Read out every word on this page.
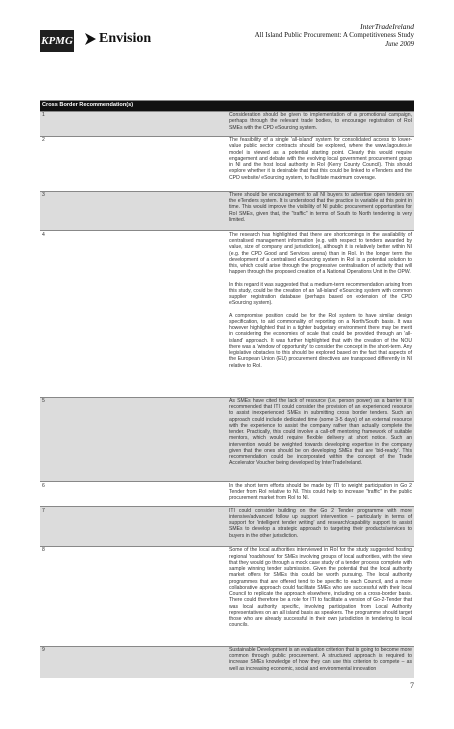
KPMG Envision
InterTradeIreland
All Island Public Procurement: A Competitiveness Study
June 2009
Cross Border Recommendation(s)	
1	Consideration should be given to implementation of a promotional campaign, perhaps through the relevant trade bodies, to encourage registration of RoI SMEs with the CPD eSourcing system.

2	The feasibility of a single 'all-island' system for consolidated access to lower-value public sector contracts should be explored, where the www.lagoutes.ie model is viewed as a potential starting point. Clearly this would require engagement and debate with the evolving local government procurement group in NI and the host local authority in RoI (Kerry County Council). This should explore whether it is desirable that that this could be linked to eTenders and the CPD website/ eSourcing system, to facilitate maximum coverage.

3	There should be encouragement to all NI buyers to advertise open tenders on the eTenders system. It is understood that the practice is variable at this point in time. This would improve the visibility of NI public procurement opportunities for RoI SMEs, given that, the "traffic" in terms of South to North tendering is very limited.

4	The research has highlighted that there are shortcomings in the availability of centralised management information (e.g. with respect to tenders awarded by value, size of company and jurisdiction), although it is relatively better within NI (e.g. the CPD Good and Services arena) than in RoI. In the longer term the development of a centralised eSourcing system in RoI is a potential solution to this, which could arise through the progressive centralisation of activity that will happen through the proposed creation of a National Operations Unit in the OPW.
In this regard it was suggested that a medium-term recommendation arising from this study, could be the creation of an 'all-island' eSourcing system with common supplier registration database (perhaps based on extension of the CPD eSourcing system).
A compromise position could be for the RoI system to have similar design specification, to aid commonality of reporting on a North/South basis. It was however highlighted that in a tighter budgetary environment there may be merit in considering the economies of scale that could be provided through an 'all-island' approach. It was further highlighted that with the creation of the NOU there was a 'window of opportunity' to consider the concept in the short-term. Any legislative obstacles to this should be explored based on the fact that aspects of the European Union (EU) procurement directives are transposed differently in NI relative to RoI.

5	As SMEs have cited the lack of resource (i.e. person power) as a barrier it is recommended that ITI could consider the provision of an experienced resource to assist inexperienced SMEs in submitting cross border tenders. Such an approach could include dedicated time (some 3-5 days) of an external resource with the experience to assist the company rather than actually complete the tender. Practically, this could involve a call-off mentoring framework of suitable mentors, which would require flexible delivery at short notice. Such an intervention would be weighted towards developing expertise in the company given that the ones should be on developing SMEs that are 'bid-ready'. This recommendation could be incorporated within the concept of the Trade Accelerator Voucher being developed by InterTradeIreland.

6	In the short term efforts should be made by ITI to weight participation in Go 2 Tender from RoI relative to NI. This could help to increase "traffic" in the public procurement market from RoI to NI.

7	ITI could consider building on the Go 2 Tender programme with more intensive/advanced follow up support intervention – particularly in terms of support for 'intelligent tender writing' and research/capability support to assist SMEs to develop a strategic approach to targeting their products/services to buyers in the other jurisdiction.

8	Some of the local authorities interviewed in RoI for the study suggested hosting regional 'roadshows' for SMEs involving groups of local authorities, with the view that they would go through a mock case study of a tender process complete with sample winning tender submission. Given the potential that the local authority market offers for SMEs this could be worth pursuing. The local authority programmes that are offered tend to be specific to each Council, and a more collaborative approach could facilitate SMEs who are successful with their local Council to replicate the approach elsewhere, including on a cross-border basis. There could therefore be a role for ITI to facilitate a version of Go-2-Tender that was local authority specific, involving participation from Local Authority representatives on an all island basis as speakers. The programme should target those who are already successful in their own jurisdiction in tendering to local councils.

9	Sustainable Development is an evaluation criterion that is going to become more common through public procurement. A structured approach is required to increase SMEs knowledge of how they can use this criterion to compete – as well as increasing economic, social and environmental innovation
7
